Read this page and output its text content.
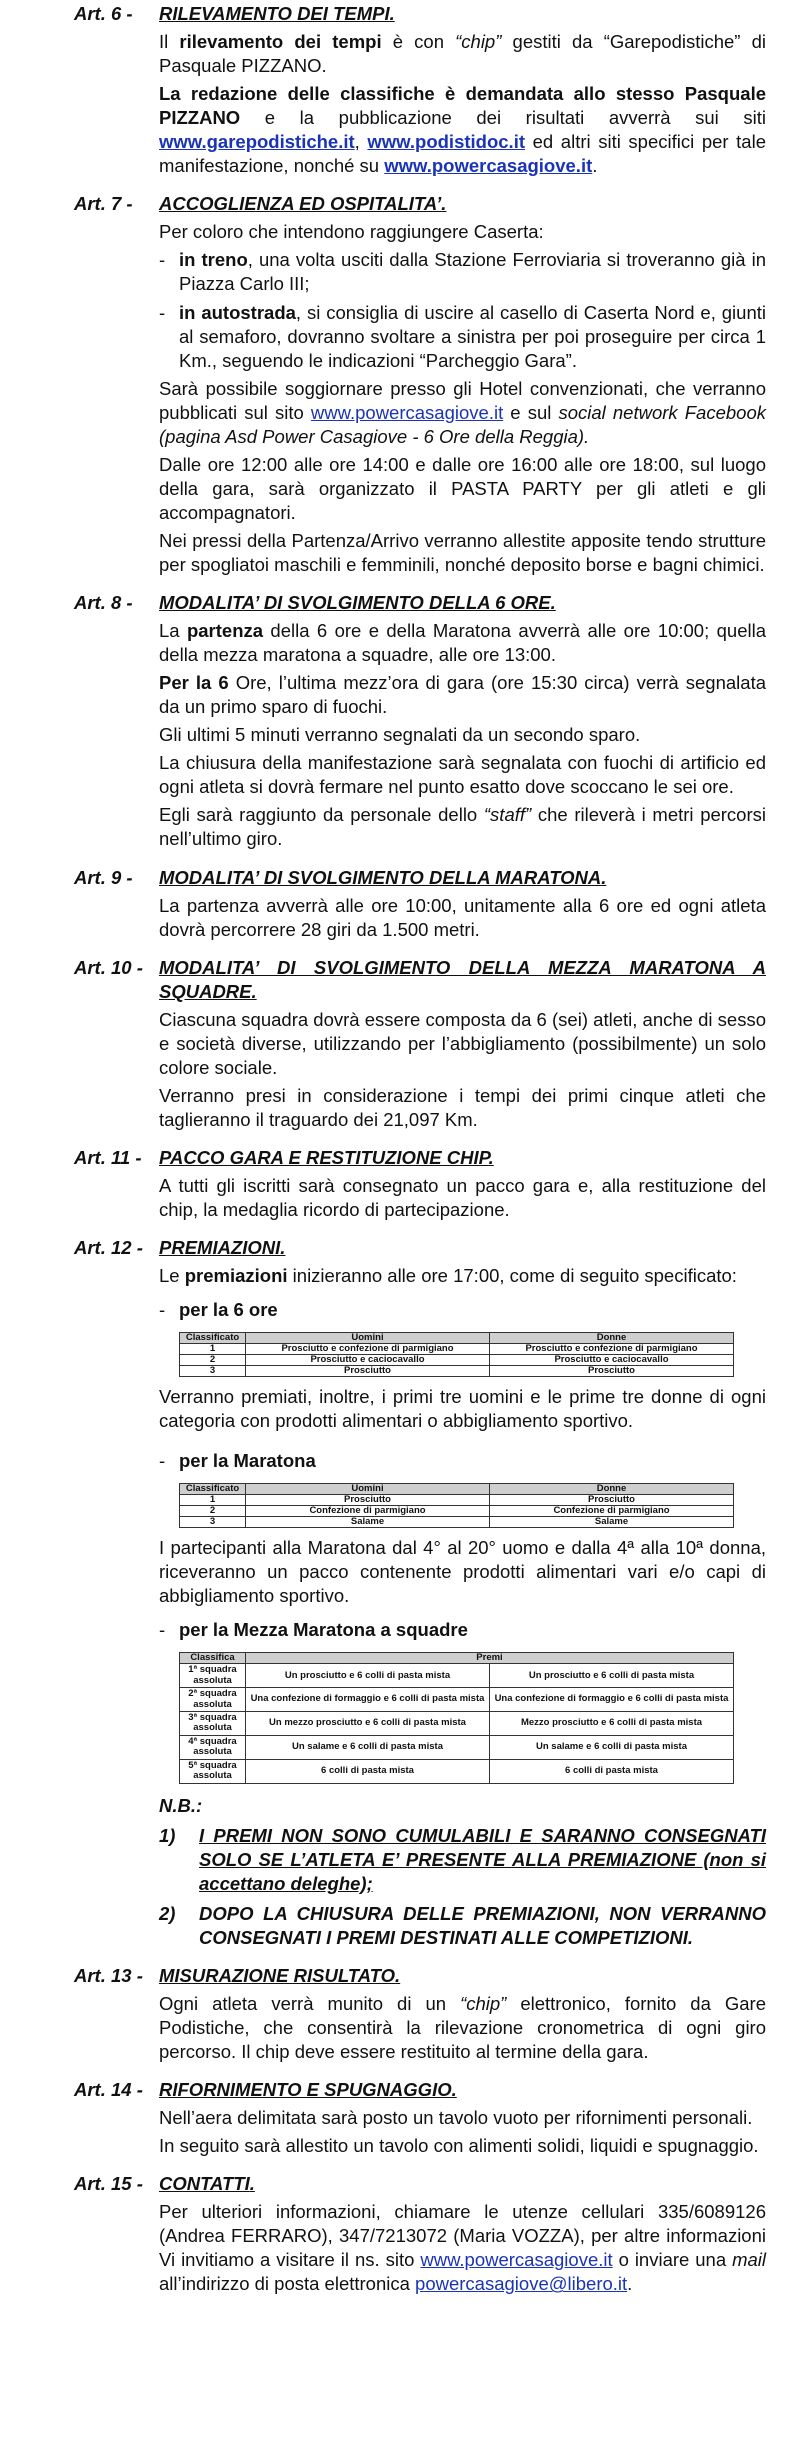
Art. 6 -	RILEVAMENTO DEI TEMPI.

Il rilevamento dei tempi è con “chip” gestiti da “Garepodistiche” di Pasquale PIZZANO.

La redazione delle classifiche è demandata allo stesso Pasquale PIZZANO e la pubblicazione dei risultati avverrà sui siti www.garepodistiche.it, www.podistidoc.it ed altri siti specifici per tale manifestazione, nonché su www.powercasagiove.it.

Art. 7 -	ACCOGLIENZA ED OSPITALITA’.

Per coloro che intendono raggiungere Caserta:

- in treno, una volta usciti dalla Stazione Ferroviaria si troveranno già in Piazza Carlo III;
- in autostrada, si consiglia di uscire al casello di Caserta Nord e, giunti al semaforo, dovranno svoltare a sinistra per poi proseguire per circa 1 Km., seguendo le indicazioni “Parcheggio Gara”.

Sarà possibile soggiornare presso gli Hotel convenzionati, che verranno pubblicati sul sito www.powercasagiove.it e sul social network Facebook (pagina Asd Power Casagiove - 6 Ore della Reggia).

Dalle ore 12:00 alle ore 14:00 e dalle ore 16:00 alle ore 18:00, sul luogo della gara, sarà organizzato il PASTA PARTY per gli atleti e gli accompagnatori.

Nei pressi della Partenza/Arrivo verranno allestite apposite tendo strutture per spogliatoi maschili e femminili, nonché deposito borse e bagni chimici.

Art. 8 -	MODALITA’ DI SVOLGIMENTO DELLA 6 ORE.

La partenza della 6 ore e della Maratona avverrà alle ore 10:00; quella della mezza maratona a squadre, alle ore 13:00.

Per la 6 Ore, l’ultima mezz’ora di gara (ore 15:30 circa) verrà segnalata da un primo sparo di fuochi.

Gli ultimi 5 minuti verranno segnalati da un secondo sparo.

La chiusura della manifestazione sarà segnalata con fuochi di artificio ed ogni atleta si dovrà fermare nel punto esatto dove scoccano le sei ore.

Egli sarà raggiunto da personale dello “staff” che rileverà i metri percorsi nell’ultimo giro.

Art. 9 -	MODALITA’ DI SVOLGIMENTO DELLA MARATONA.

La partenza avverrà alle ore 10:00, unitamente alla 6 ore ed ogni atleta dovrà percorrere 28 giri da 1.500 metri.

Art. 10 - MODALITA’ DI SVOLGIMENTO DELLA MEZZA MARATONA A SQUADRE.

Ciascuna squadra dovrà essere composta da 6 (sei) atleti, anche di sesso e società diverse, utilizzando per l’abbigliamento (possibilmente) un solo colore sociale.

Verranno presi in considerazione i tempi dei primi cinque atleti che taglieranno il traguardo dei 21,097 Km.

Art. 11 - PACCO GARA E RESTITUZIONE CHIP.

A tutti gli iscritti sarà consegnato un pacco gara e, alla restituzione del chip, la medaglia ricordo di partecipazione.

Art. 12 - PREMIAZIONI.

Le premiazioni inizieranno alle ore 17:00, come di seguito specificato:

- per la 6 ore
Classificato	Uomini	Donne
1	Prosciutto e confezione di parmigiano	Prosciutto e confezione di parmigiano
2	Prosciutto e caciocavallo	Prosciutto e caciocavallo
3	Prosciutto	Prosciutto

Verranno premiati, inoltre, i primi tre uomini e le prime tre donne di ogni categoria con prodotti alimentari o abbigliamento sportivo.

- per la Maratona
Classificato	Uomini	Donne
1	Prosciutto	Prosciutto
2	Confezione di parmigiano	Confezione di parmigiano
3	Salame	Salame

I partecipanti alla Maratona dal 4° al 20° uomo e dalla 4ª alla 10ª donna, riceveranno un pacco contenente prodotti alimentari vari e/o capi di abbigliamento sportivo.

- per la Mezza Maratona a squadre
Classifica	Premi	
1ª squadra assoluta	Un prosciutto e 6 colli di pasta mista	Un prosciutto e 6 colli di pasta mista
2ª squadra assoluta	Una confezione di formaggio e 6 colli di pasta mista	Una confezione di formaggio e 6 colli di pasta mista
3ª squadra assoluta	Un mezzo prosciutto e 6 colli di pasta mista	Mezzo prosciutto e 6 colli di pasta mista
4ª squadra assoluta	Un salame e 6 colli di pasta mista	Un salame e 6 colli di pasta mista
5ª squadra assoluta	6 colli di pasta mista	6 colli di pasta mista
N.B.:
1)	I PREMI NON SONO CUMULABILI E SARANNO CONSEGNATI SOLO SE L’ATLETA E’ PRESENTE ALLA PREMIAZIONE (non si accettano deleghe);
2)	DOPO LA CHIUSURA DELLE PREMIAZIONI, NON VERRANNO CONSEGNATI I PREMI DESTINATI ALLE COMPETIZIONI.
Art. 13 - MISURAZIONE RISULTATO.

Ogni atleta verrà munito di un “chip” elettronico, fornito da Gare Podistiche, che consentirà la rilevazione cronometrica di ogni giro percorso. Il chip deve essere restituito al termine della gara.

Art. 14 - RIFORNIMENTO E SPUGNAGGIO.

Nell’aera delimitata sarà posto un tavolo vuoto per rifornimenti personali.

In seguito sarà allestito un tavolo con alimenti solidi, liquidi e spugnaggio.

Art. 15 - CONTATTI.

Per ulteriori informazioni, chiamare le utenze cellulari 335/6089126 (Andrea FERRARO), 347/7213072 (Maria VOZZA), per altre informazioni Vi invitiamo a visitare il ns. sito www.powercasagiove.it o inviare una mail all’indirizzo di posta elettronica powercasagiove@libero.it.
